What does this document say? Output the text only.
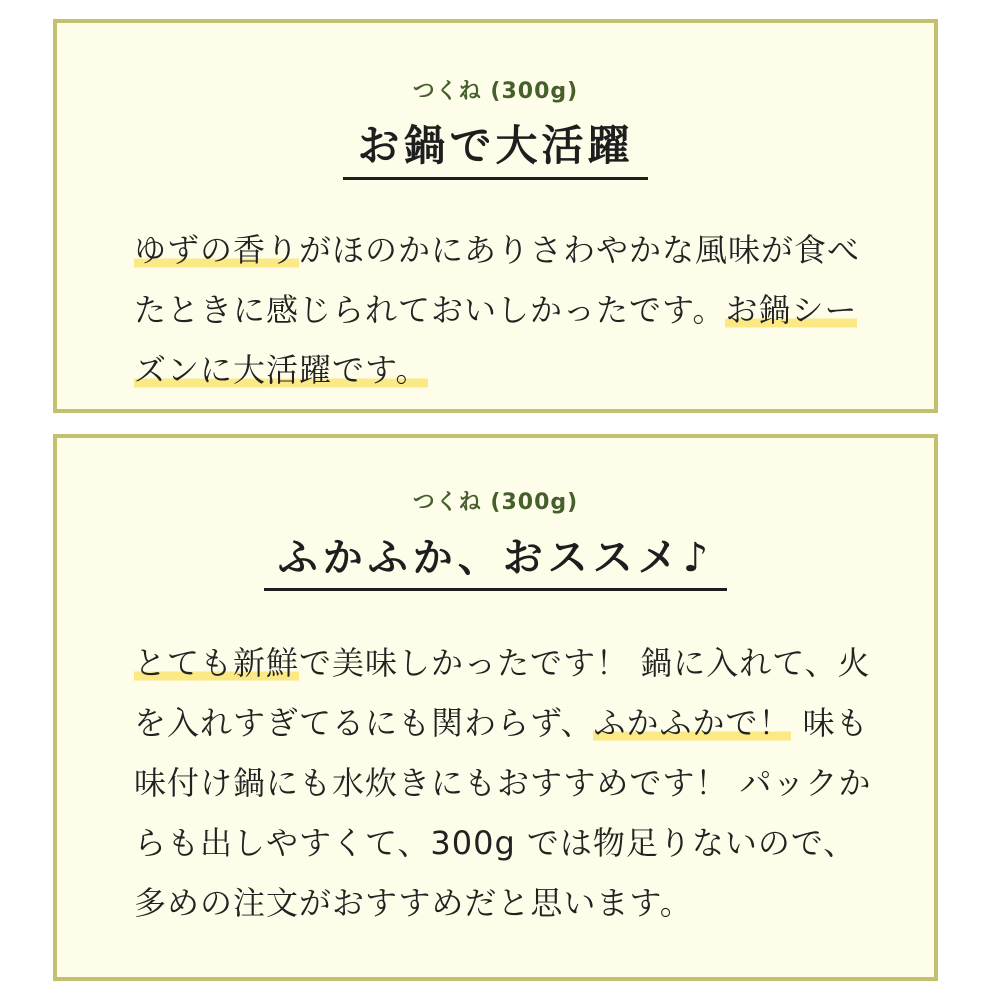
つくね (300g)
お鍋で大活躍
ゆずの香りがほのかにありさわやかな風味が食べたときに感じられておいしかったです。お鍋シーズンに大活躍です。
つくね (300g)
ふかふか、おススメ♪
とても新鮮で美味しかったです！ 鍋に入れて、火を入れすぎてるにも関わらず、ふかふかで！ 味も味付け鍋にも水炊きにもおすすめです！ パックからも出しやすくて、300g では物足りないので、多めの注文がおすすめだと思います。
